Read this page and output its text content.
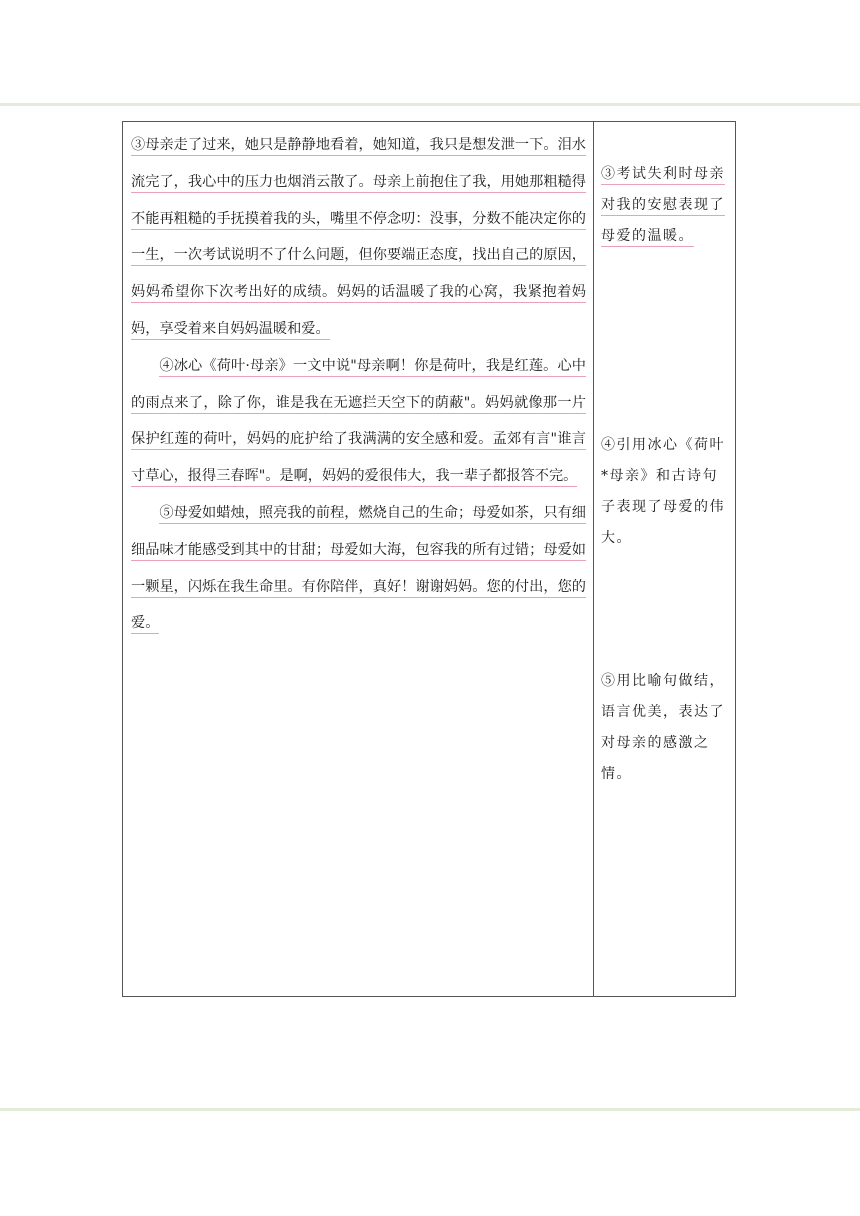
③母亲走了过来，她只是静静地看着，她知道，我只是想发泄一下。泪水流完了，我心中的压力也烟消云散了。母亲上前抱住了我，用她那粗糙得不能再粗糙的手抚摸着我的头，嘴里不停念叨：没事，分数不能决定你的一生，一次考试说明不了什么问题，但你要端正态度，找出自己的原因，妈妈希望你下次考出好的成绩。妈妈的话温暖了我的心窝，我紧抱着妈妈，享受着来自妈妈温暖和爱。

④冰心《荷叶·母亲》一文中说"母亲啊！你是荷叶，我是红莲。心中的雨点来了，除了你，谁是我在无遮拦天空下的荫蔽"。妈妈就像那一片保护红莲的荷叶，妈妈的庇护给了我满满的安全感和爱。孟郊有言"谁言寸草心，报得三春晖"。是啊，妈妈的爱很伟大，我一辈子都报答不完。

⑤母爱如蜡烛，照亮我的前程，燃烧自己的生命；母爱如茶，只有细细品味才能感受到其中的甘甜；母爱如大海，包容我的所有过错；母爱如一颗星，闪烁在我生命里。有你陪伴，真好！谢谢妈妈。您的付出，您的爱。

③考试失利时母亲对我的安慰表现了母爱的温暖。

④引用冰心《荷叶*母亲》和古诗句子表现了母爱的伟大。

⑤用比喻句做结，语言优美，表达了对母亲的感激之情。
